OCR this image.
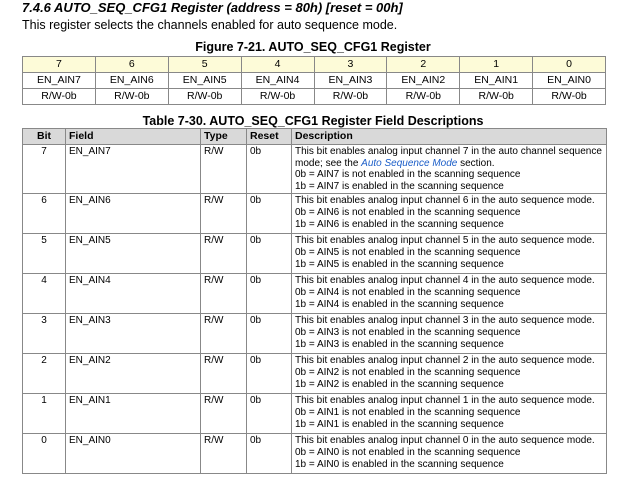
7.4.6 AUTO_SEQ_CFG1 Register (address = 80h) [reset = 00h]
This register selects the channels enabled for auto sequence mode.
Figure 7-21. AUTO_SEQ_CFG1 Register
7	6	5	4	3	2	1	0
EN_AIN7	EN_AIN6	EN_AIN5	EN_AIN4	EN_AIN3	EN_AIN2	EN_AIN1	EN_AIN0
R/W-0b	R/W-0b	R/W-0b	R/W-0b	R/W-0b	R/W-0b	R/W-0b	R/W-0b
Table 7-30. AUTO_SEQ_CFG1 Register Field Descriptions
Bit	Field	Type	Reset	Description
7	EN_AIN7	R/W	0b	This bit enables analog input channel 7 in the auto channel sequence
mode; see the Auto Sequence Mode section.
0b = AIN7 is not enabled in the scanning sequence
1b = AIN7 is enabled in the scanning sequence

6	EN_AIN6	R/W	0b	This bit enables analog input channel 6 in the auto sequence mode.
0b = AIN6 is not enabled in the scanning sequence
1b = AIN6 is enabled in the scanning sequence

5	EN_AIN5	R/W	0b	This bit enables analog input channel 5 in the auto sequence mode.
0b = AIN5 is not enabled in the scanning sequence
1b = AIN5 is enabled in the scanning sequence

4	EN_AIN4	R/W	0b	This bit enables analog input channel 4 in the auto sequence mode.
0b = AIN4 is not enabled in the scanning sequence
1b = AIN4 is enabled in the scanning sequence

3	EN_AIN3	R/W	0b	This bit enables analog input channel 3 in the auto sequence mode.
0b = AIN3 is not enabled in the scanning sequence
1b = AIN3 is enabled in the scanning sequence

2	EN_AIN2	R/W	0b	This bit enables analog input channel 2 in the auto sequence mode.
0b = AIN2 is not enabled in the scanning sequence
1b = AIN2 is enabled in the scanning sequence

1	EN_AIN1	R/W	0b	This bit enables analog input channel 1 in the auto sequence mode.
0b = AIN1 is not enabled in the scanning sequence
1b = AIN1 is enabled in the scanning sequence

0	EN_AIN0	R/W	0b	This bit enables analog input channel 0 in the auto sequence mode.
0b = AIN0 is not enabled in the scanning sequence
1b = AIN0 is enabled in the scanning sequence
